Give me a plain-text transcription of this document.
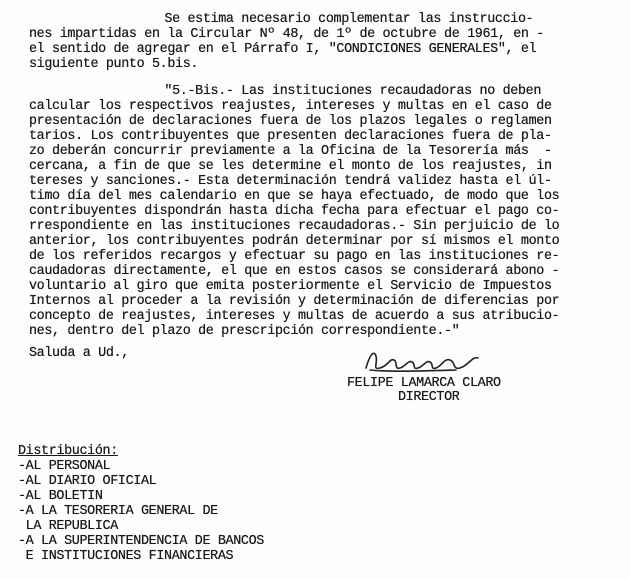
Se estima necesario complementar las instruccio-
nes impartidas en la Circular Nº 48, de 1º de octubre de 1961, en -
el sentido de agregar en el Párrafo I, "CONDICIONES GENERALES", el
siguiente punto 5.bis.
"5.-Bis.- Las instituciones recaudadoras no deben
calcular los respectivos reajustes, intereses y multas en el caso de
presentación de declaraciones fuera de los plazos legales o reglamen
tarios. Los contribuyentes que presenten declaraciones fuera de pla-
zo deberán concurrir previamente a la Oficina de la Tesorería más  -
cercana, a fin de que se les determine el monto de los reajustes, in
tereses y sanciones.- Esta determinación tendrá validez hasta el úl-
timo día del mes calendario en que se haya efectuado, de modo que los
contribuyentes dispondrán hasta dicha fecha para efectuar el pago co-
rrespondiente en las instituciones recaudadoras.- Sin perjuicio de lo
anterior, los contribuyentes podrán determinar por sí mismos el monto
de los referidos recargos y efectuar su pago en las instituciones re-
caudadoras directamente, el que en estos casos se considerará abono -
voluntario al giro que emita posteriormente el Servicio de Impuestos
Internos al proceder a la revisión y determinación de diferencias por
concepto de reajustes, intereses y multas de acuerdo a sus atribucio-
nes, dentro del plazo de prescripción correspondiente.-"
Saluda a Ud.,
FELIPE LAMARCA CLARO
DIRECTOR
Distribución:
-AL PERSONAL
-AL DIARIO OFICIAL
-AL BOLETIN
-A LA TESORERIA GENERAL DE
LA REPUBLICA
-A LA SUPERINTENDENCIA DE BANCOS
E INSTITUCIONES FINANCIERAS
